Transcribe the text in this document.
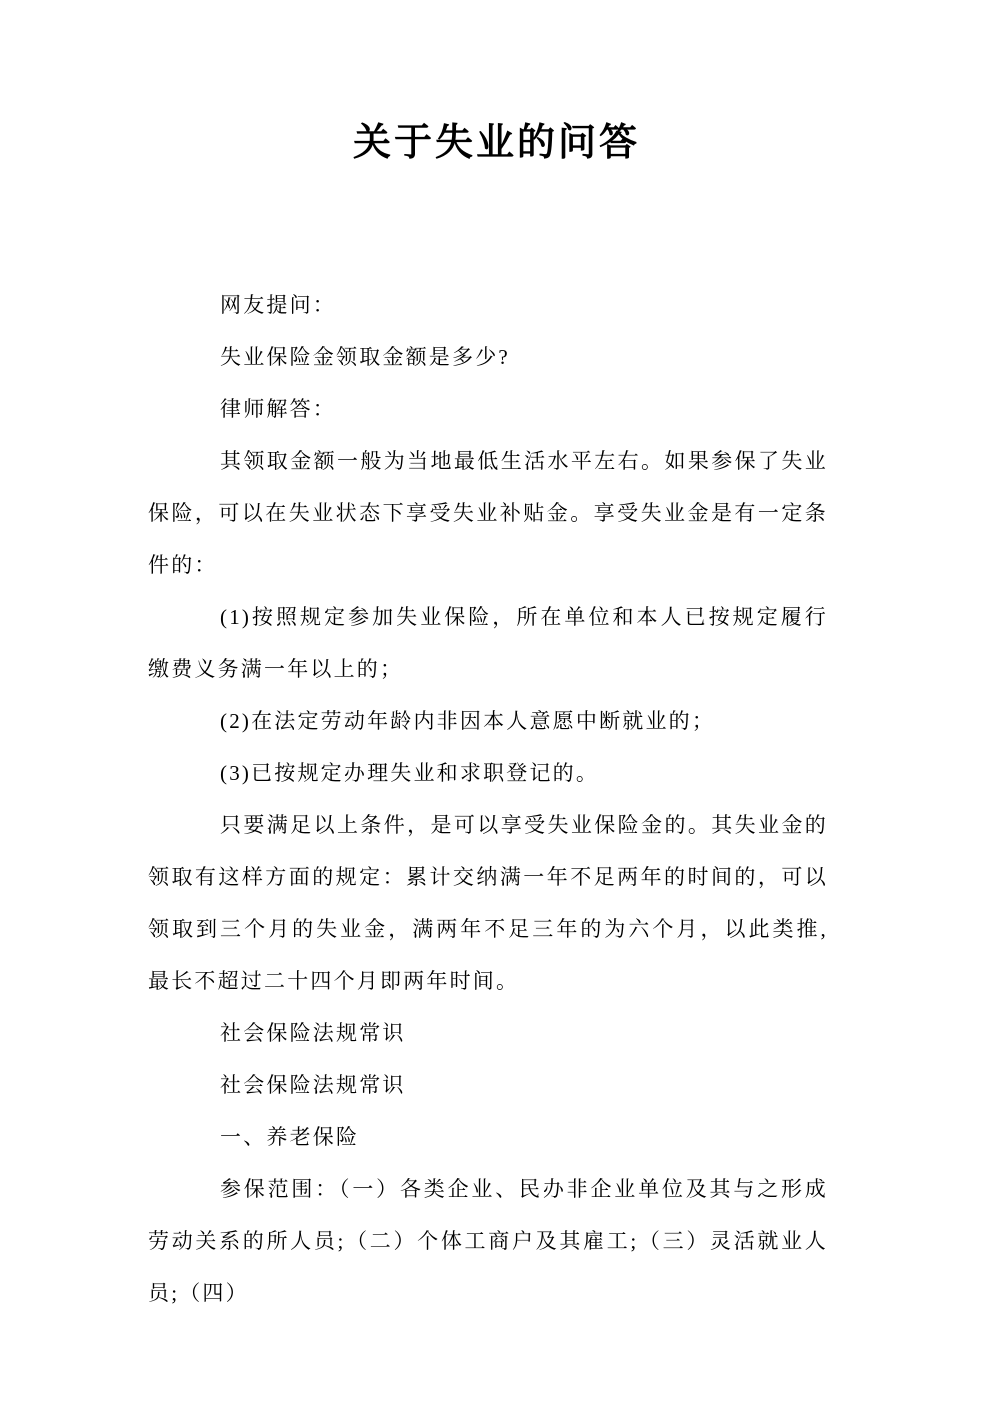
关于失业的问答

网友提问：

失业保险金领取金额是多少?

律师解答：

其领取金额一般为当地最低生活水平左右。如果参保了失业保险，可以在失业状态下享受失业补贴金。享受失业金是有一定条件的：

(1)按照规定参加失业保险，所在单位和本人已按规定履行缴费义务满一年以上的；

(2)在法定劳动年龄内非因本人意愿中断就业的；

(3)已按规定办理失业和求职登记的。

只要满足以上条件，是可以享受失业保险金的。其失业金的领取有这样方面的规定：累计交纳满一年不足两年的时间的，可以领取到三个月的失业金，满两年不足三年的为六个月，以此类推,最长不超过二十四个月即两年时间。

社会保险法规常识

社会保险法规常识

一、养老保险

参保范围：（一）各类企业、民办非企业单位及其与之形成劳动关系的所人员;（二）个体工商户及其雇工;（三）灵活就业人员;（四）
